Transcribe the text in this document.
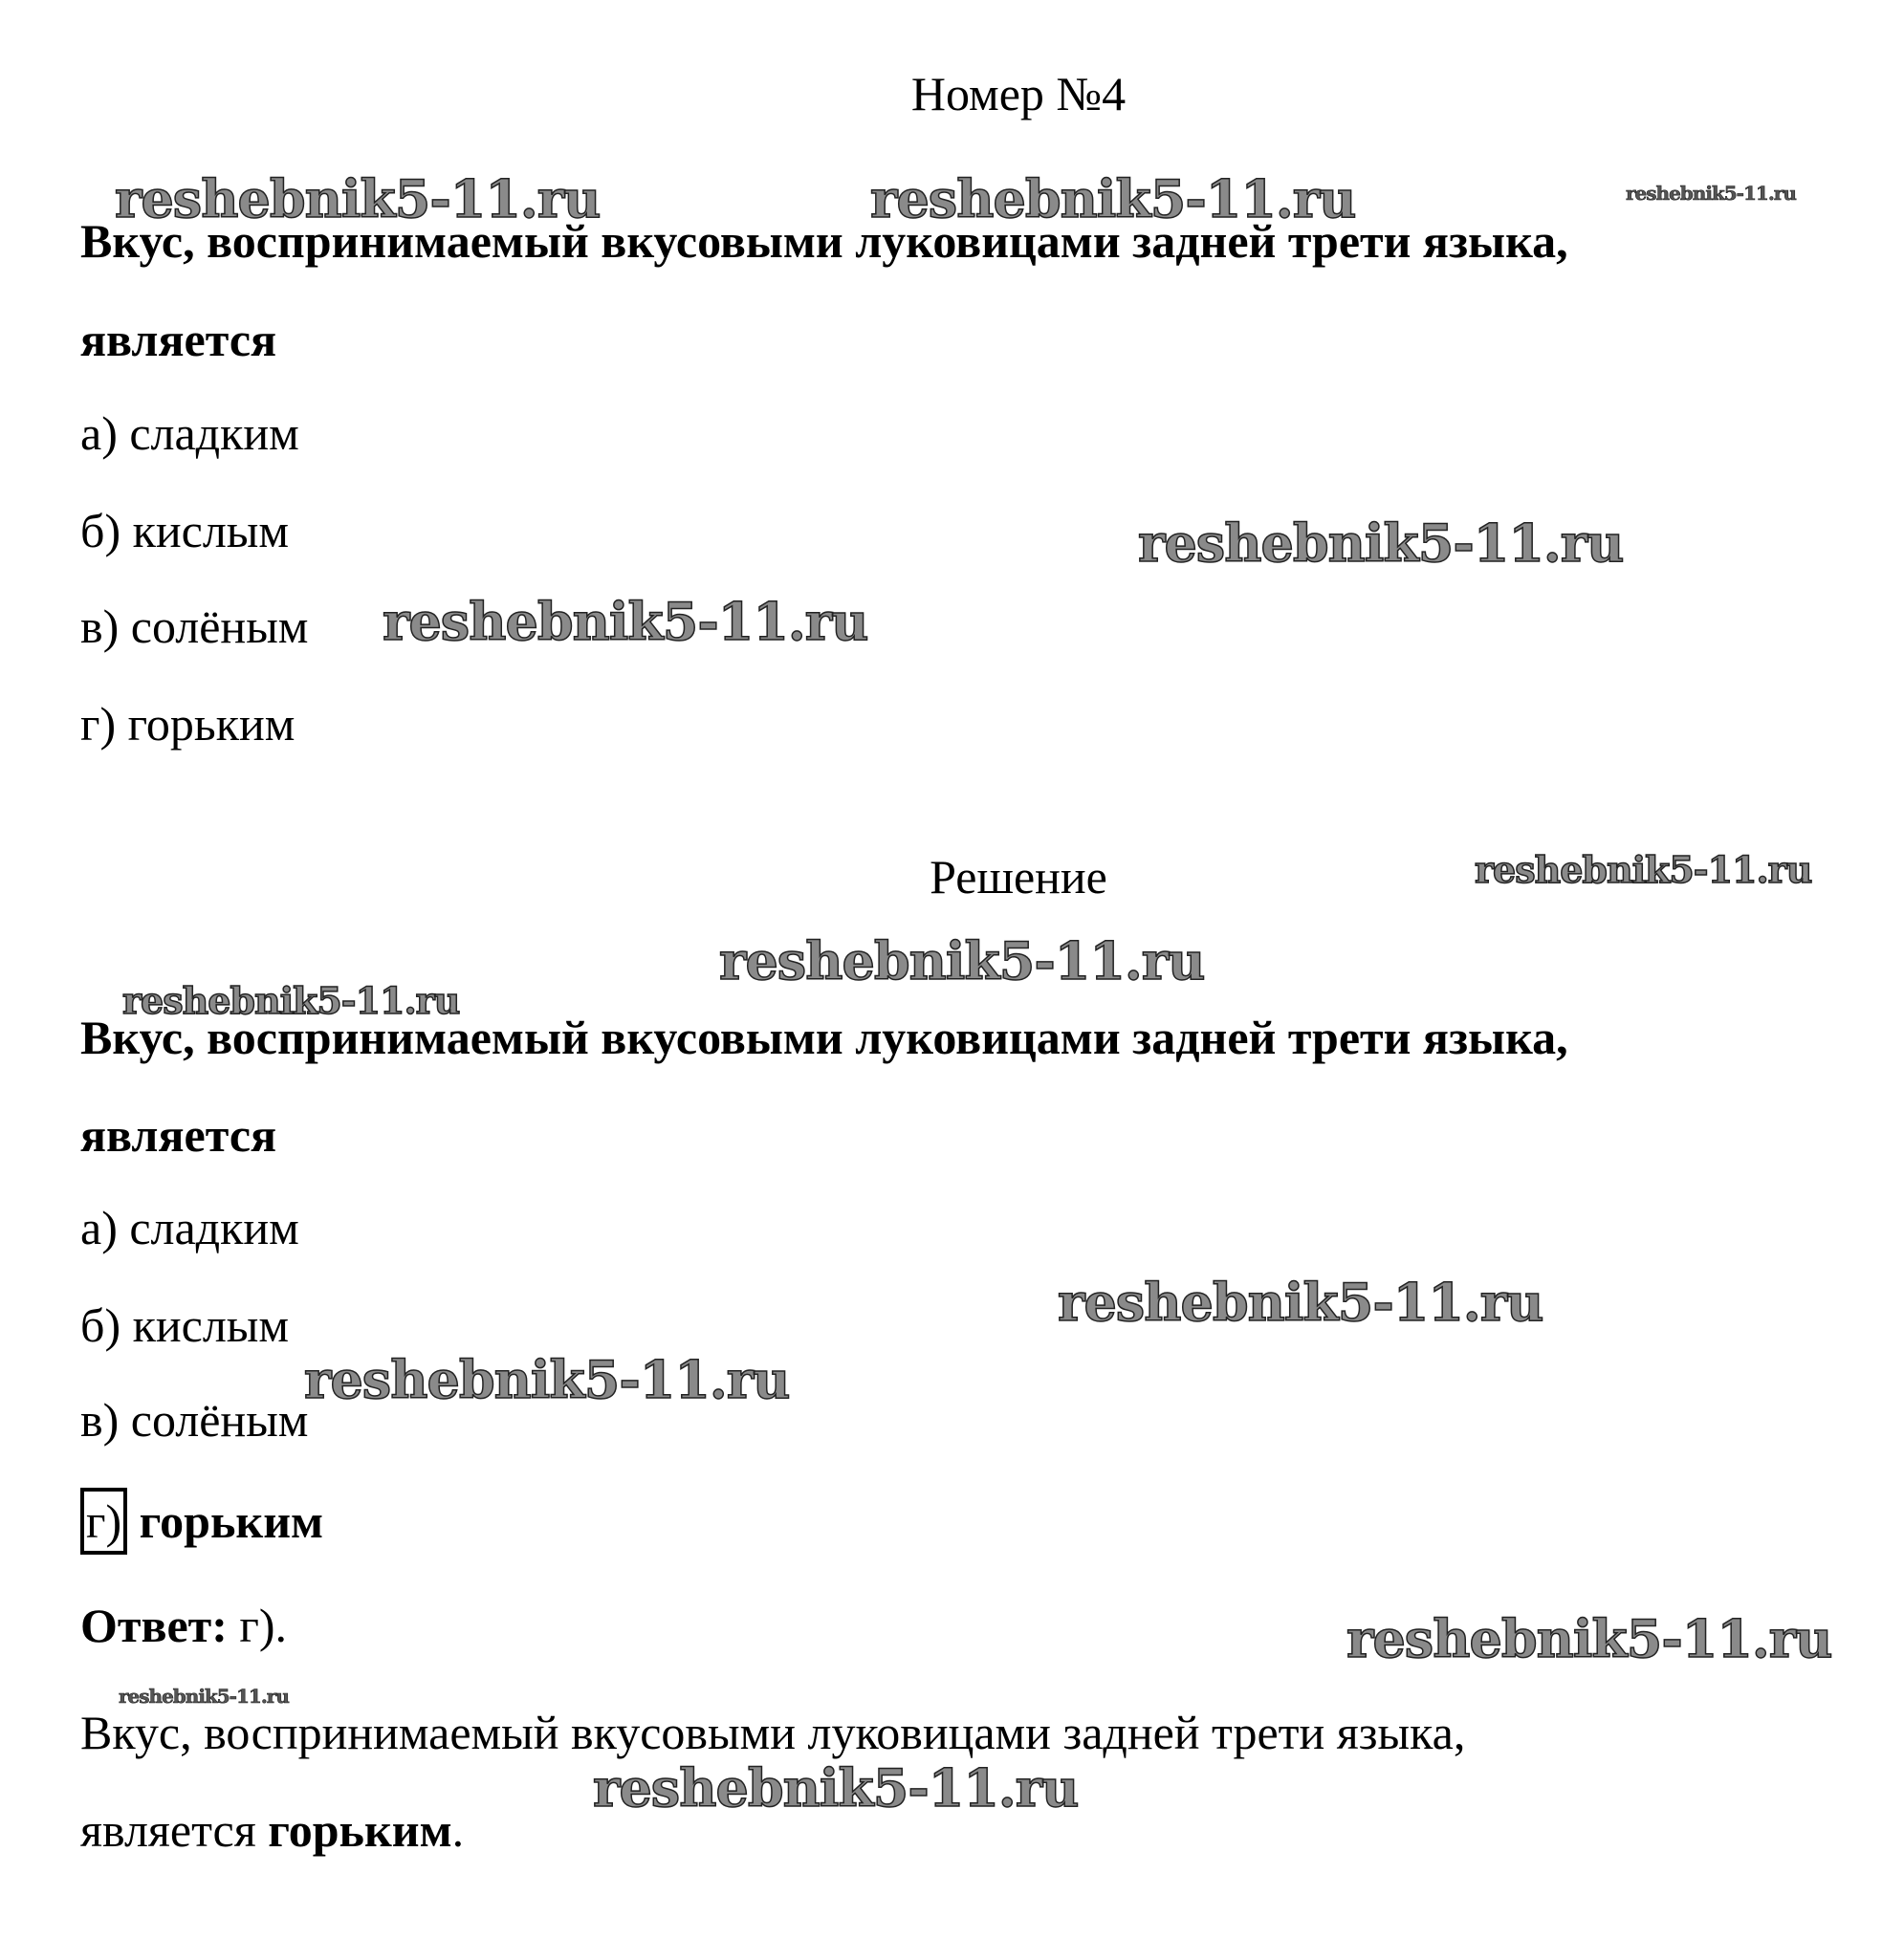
Номер №4
Вкус, воспринимаемый вкусовыми луковицами задней трети языка,
является
а) сладким
б) кислым
в) солёным
г) горьким
Решение
Вкус, воспринимаемый вкусовыми луковицами задней трети языка,
является
а) сладким
б) кислым
в) солёным
г) горьким
Ответ: г).
Вкус, воспринимаемый вкусовыми луковицами задней трети языка,
является горьким.
reshebnik5-11.ru	reshebnik5-11.ru	reshebnik5-11.ru
reshebnik5-11.ru
reshebnik5-11.ru
reshebnik5-11.ru
reshebnik5-11.ru
reshebnik5-11.ru
reshebnik5-11.ru
reshebnik5-11.ru
reshebnik5-11.ru
reshebnik5-11.ru
reshebnik5-11.ru
